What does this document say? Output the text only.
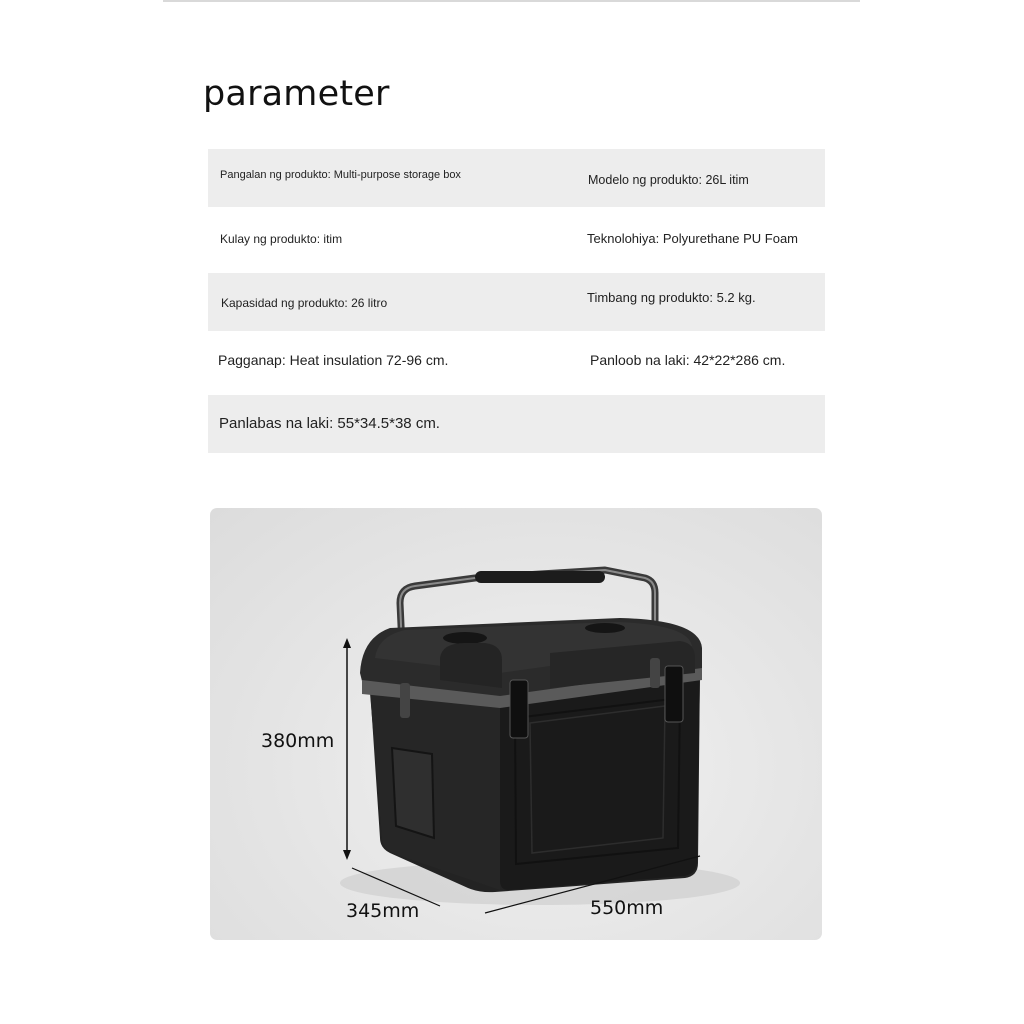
parameter
Pangalan ng produkto: Multi-purpose storage box	Modelo ng produkto: 26L itim
Kulay ng produkto: itim	Teknolohiya: Polyurethane PU Foam
Kapasidad ng produkto: 26 litro	Timbang ng produkto: 5.2 kg.
Pagganap: Heat insulation 72-96 cm.	Panloob na laki: 42*22*286 cm.
Panlabas na laki: 55*34.5*38 cm.
380mm
345mm	550mm
